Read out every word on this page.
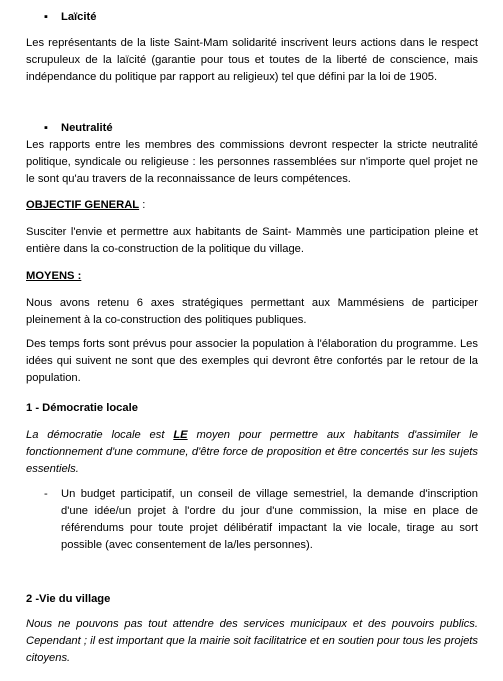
▪ Laïcité

Les représentants de la liste Saint-Mam solidarité inscrivent leurs actions dans le respect scrupuleux de la laïcité (garantie pour tous et toutes de la liberté de conscience, mais indépendance du politique par rapport au religieux) tel que défini par la loi de 1905.

▪ Neutralité

Les rapports entre les membres des commissions devront respecter la stricte neutralité politique, syndicale ou religieuse : les personnes rassemblées sur n'importe quel projet ne le sont qu'au travers de la reconnaissance de leurs compétences.

OBJECTIF GENERAL :

Susciter l'envie et permettre aux habitants de Saint- Mammès une participation pleine et entière dans la co-construction de la politique du village.

MOYENS :

Nous avons retenu 6 axes stratégiques permettant aux Mammésiens de participer pleinement à la co-construction des politiques publiques.

Des temps forts sont prévus pour associer la population à l'élaboration du programme. Les idées qui suivent ne sont que des exemples qui devront être confortés par le retour de la population.

1 - Démocratie locale

La démocratie locale est LE moyen pour permettre aux habitants d'assimiler le fonctionnement d'une commune, d'être force de proposition et être concertés sur les sujets essentiels.

- Un budget participatif, un conseil de village semestriel, la demande d'inscription d'une idée/un projet à l'ordre du jour d'une commission, la mise en place de référendums pour toute projet délibératif impactant la vie locale, tirage au sort possible (avec consentement de la/les personnes).

2 -Vie du village

Nous ne pouvons pas tout attendre des services municipaux et des pouvoirs publics. Cependant ; il est important que la mairie soit facilitatrice et en soutien pour tous les projets citoyens.
